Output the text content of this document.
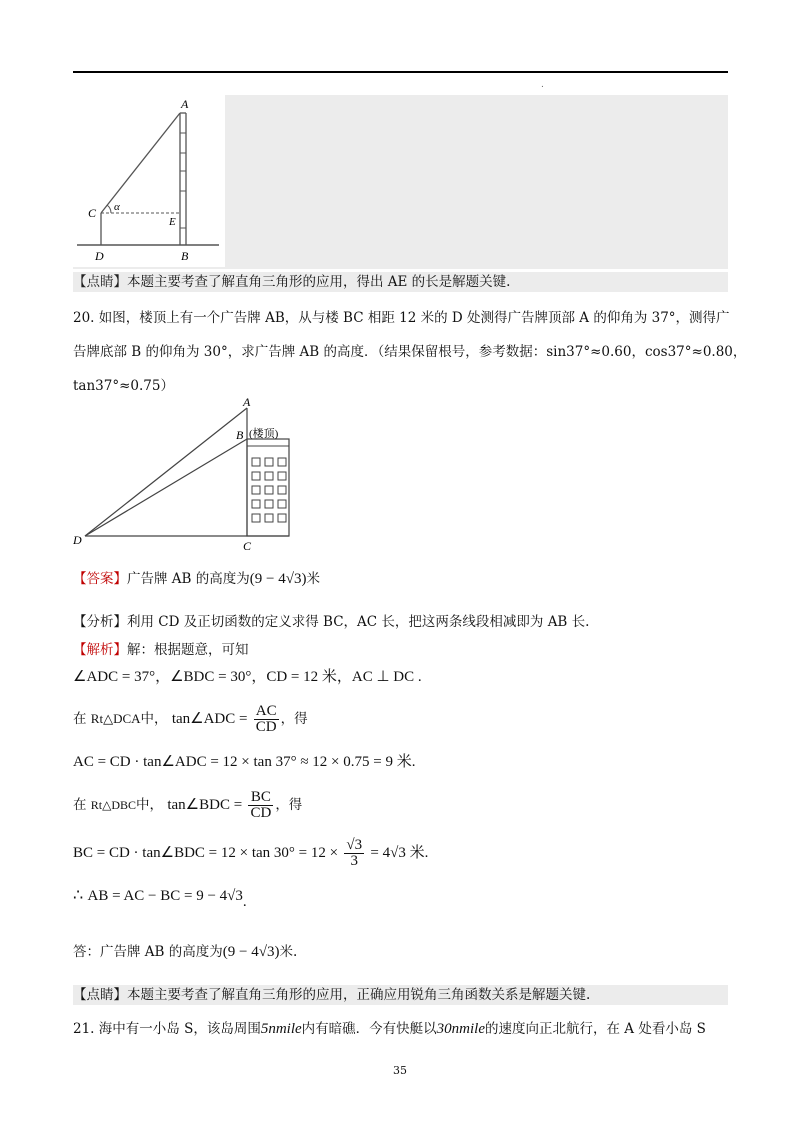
.
A
C α
E
D	B
【点睛】本题主要考查了解直角三角形的应用，得出 AE 的长是解题关键.
20. 如图，楼顶上有一个广告牌 AB，从与楼 BC 相距 12 米的 D 处测得广告牌顶部 A 的仰角为 37°，测得广
告牌底部 B 的仰角为 30°，求广告牌 AB 的高度．（结果保留根号，参考数据：sin37°≈0.60，cos37°≈0.80，
tan37°≈0.75）
A
B (楼顶)
D	C
【答案】广告牌 AB 的高度为(9 − 4√3)米
【分析】利用 CD 及正切函数的定义求得 BC，AC 长，把这两条线段相减即为 AB 长.
【解析】解：根据题意，可知
∠ADC = 37°，∠BDC = 30°，CD = 12 米，AC ⊥ DC .
在 Rt△DCA中， tan∠ADC = $\frac{AC}{CD}$ ，得
AC = CD · tan∠ADC = 12 × tan 37° ≈ 12 × 0.75 = 9 米.
在 Rt△DBC中， tan∠BDC = $\frac{BC}{CD}$ ，得
BC = CD · tan∠BDC = $12 \times \tan 30^\circ = 12 \times \frac{√3}{3} = 4√3$ 米.
∴ AB = AC − BC = 9 − 4√3.
答：广告牌 AB 的高度为(9 − 4√3)米.
【点睛】本题主要考查了解直角三角形的应用，正确应用锐角三角函数关系是解题关键.
21. 海中有一小岛 S，该岛周围5nmile内有暗礁．今有快艇以30nmile的速度向正北航行，在 A 处看小岛 S
35
